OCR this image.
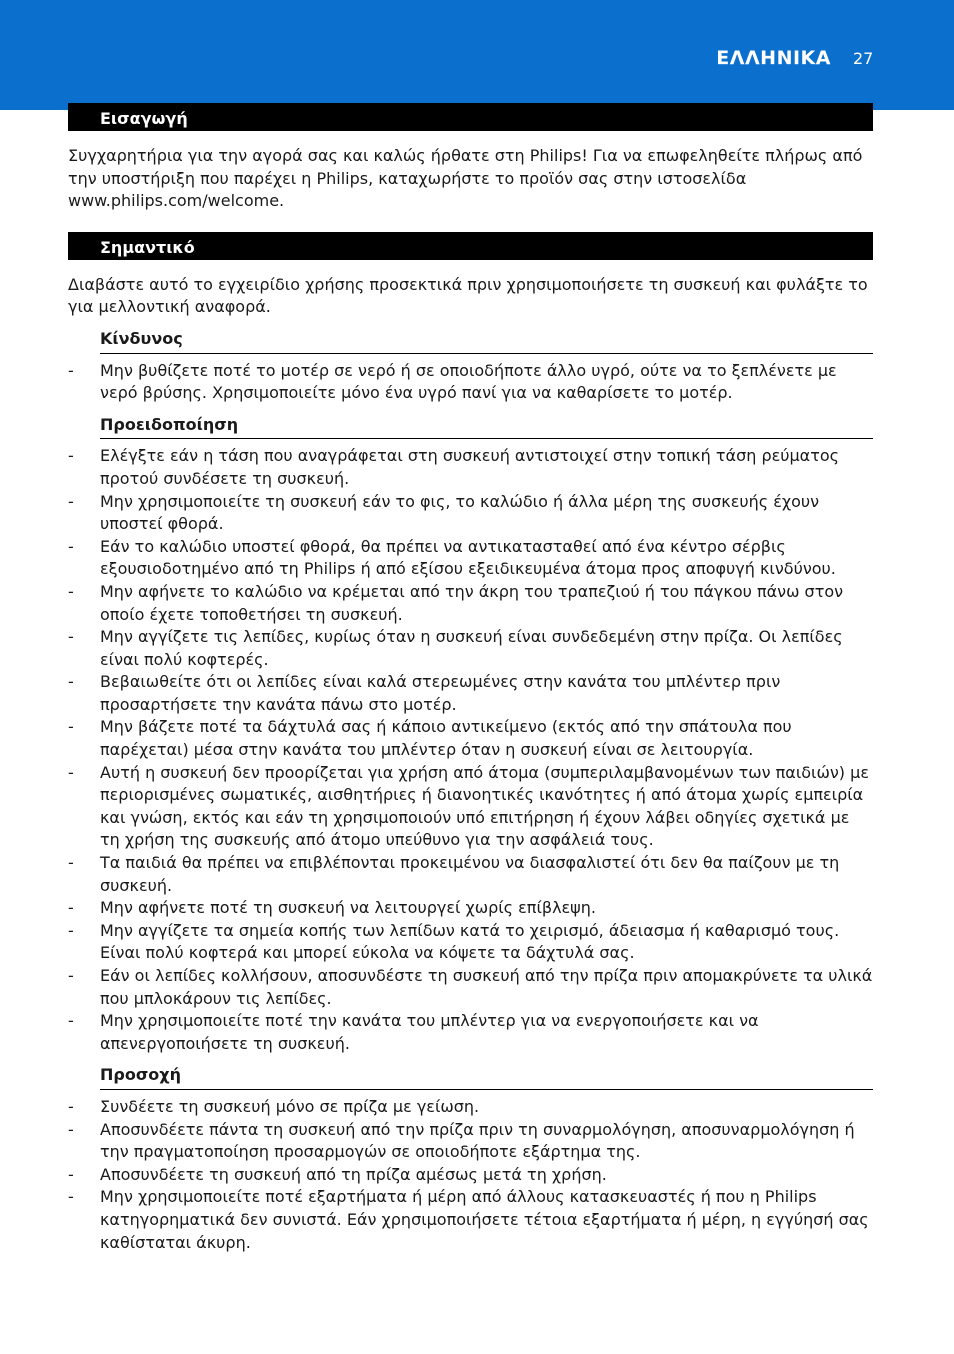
ΕΛΛΗΝΙΚΑ 27
Εισαγωγή

Συγχαρητήρια για την αγορά σας και καλώς ήρθατε στη Philips! Για να επωφεληθείτε πλήρως από την υποστήριξη που παρέχει η Philips, καταχωρήστε το προϊόν σας στην ιστοσελίδα www.philips.com/welcome.

Σημαντικό

Διαβάστε αυτό το εγχειρίδιο χρήσης προσεκτικά πριν χρησιμοποιήσετε τη συσκευή και φυλάξτε το για μελλοντική αναφορά.

Κίνδυνος
- Μην βυθίζετε ποτέ το μοτέρ σε νερό ή σε οποιοδήποτε άλλο υγρό, ούτε να το ξεπλένετε με νερό βρύσης. Χρησιμοποιείτε μόνο ένα υγρό πανί για να καθαρίσετε το μοτέρ.
Προειδοποίηση
- Ελέγξτε εάν η τάση που αναγράφεται στη συσκευή αντιστοιχεί στην τοπική τάση ρεύματος προτού συνδέσετε τη συσκευή.
- Μην χρησιμοποιείτε τη συσκευή εάν το φις, το καλώδιο ή άλλα μέρη της συσκευής έχουν υποστεί φθορά.
- Εάν το καλώδιο υποστεί φθορά, θα πρέπει να αντικατασταθεί από ένα κέντρο σέρβις εξουσιοδοτημένο από τη Philips ή από εξίσου εξειδικευμένα άτομα προς αποφυγή κινδύνου.
- Μην αφήνετε το καλώδιο να κρέμεται από την άκρη του τραπεζιού ή του πάγκου πάνω στον οποίο έχετε τοποθετήσει τη συσκευή.
- Μην αγγίζετε τις λεπίδες, κυρίως όταν η συσκευή είναι συνδεδεμένη στην πρίζα. Οι λεπίδες είναι πολύ κοφτερές.
- Βεβαιωθείτε ότι οι λεπίδες είναι καλά στερεωμένες στην κανάτα του μπλέντερ πριν προσαρτήσετε την κανάτα πάνω στο μοτέρ.
- Μην βάζετε ποτέ τα δάχτυλά σας ή κάποιο αντικείμενο (εκτός από την σπάτουλα που παρέχεται) μέσα στην κανάτα του μπλέντερ όταν η συσκευή είναι σε λειτουργία.
- Αυτή η συσκευή δεν προορίζεται για χρήση από άτομα (συμπεριλαμβανομένων των παιδιών) με περιορισμένες σωματικές, αισθητήριες ή διανοητικές ικανότητες ή από άτομα χωρίς εμπειρία και γνώση, εκτός και εάν τη χρησιμοποιούν υπό επιτήρηση ή έχουν λάβει οδηγίες σχετικά με τη χρήση της συσκευής από άτομο υπεύθυνο για την ασφάλειά τους.
- Τα παιδιά θα πρέπει να επιβλέπονται προκειμένου να διασφαλιστεί ότι δεν θα παίζουν με τη συσκευή.
- Μην αφήνετε ποτέ τη συσκευή να λειτουργεί χωρίς επίβλεψη.
- Μην αγγίζετε τα σημεία κοπής των λεπίδων κατά το χειρισμό, άδειασμα ή καθαρισμό τους. Είναι πολύ κοφτερά και μπορεί εύκολα να κόψετε τα δάχτυλά σας.
- Εάν οι λεπίδες κολλήσουν, αποσυνδέστε τη συσκευή από την πρίζα πριν απομακρύνετε τα υλικά που μπλοκάρουν τις λεπίδες.
- Μην χρησιμοποιείτε ποτέ την κανάτα του μπλέντερ για να ενεργοποιήσετε και να απενεργοποιήσετε τη συσκευή.
Προσοχή
- Συνδέετε τη συσκευή μόνο σε πρίζα με γείωση.
- Αποσυνδέετε πάντα τη συσκευή από την πρίζα πριν τη συναρμολόγηση, αποσυναρμολόγηση ή την πραγματοποίηση προσαρμογών σε οποιοδήποτε εξάρτημα της.
- Αποσυνδέετε τη συσκευή από τη πρίζα αμέσως μετά τη χρήση.
- Μην χρησιμοποιείτε ποτέ εξαρτήματα ή μέρη από άλλους κατασκευαστές ή που η Philips κατηγορηματικά δεν συνιστά. Εάν χρησιμοποιήσετε τέτοια εξαρτήματα ή μέρη, η εγγύησή σας καθίσταται άκυρη.
